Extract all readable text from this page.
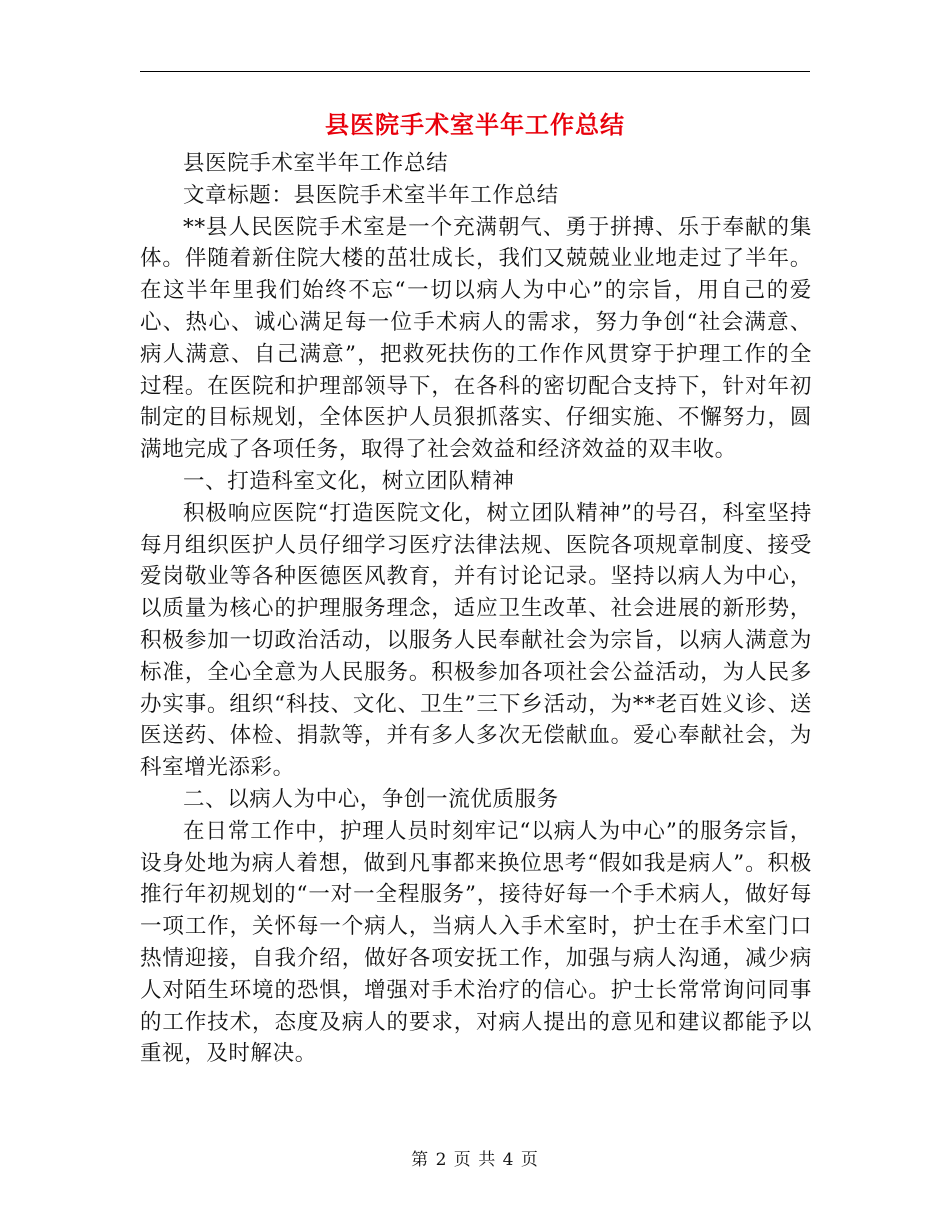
县医院手术室半年工作总结

县医院手术室半年工作总结

文章标题：县医院手术室半年工作总结

**县人民医院手术室是一个充满朝气、勇于拼搏、乐于奉献的集体。伴随着新住院大楼的茁壮成长，我们又兢兢业业地走过了半年。在这半年里我们始终不忘“一切以病人为中心”的宗旨，用自己的爱心、热心、诚心满足每一位手术病人的需求，努力争创“社会满意、病人满意、自己满意”，把救死扶伤的工作作风贯穿于护理工作的全过程。在医院和护理部领导下，在各科的密切配合支持下，针对年初制定的目标规划，全体医护人员狠抓落实、仔细实施、不懈努力，圆满地完成了各项任务，取得了社会效益和经济效益的双丰收。

一、打造科室文化，树立团队精神

积极响应医院“打造医院文化，树立团队精神”的号召，科室坚持每月组织医护人员仔细学习医疗法律法规、医院各项规章制度、接受爱岗敬业等各种医德医风教育，并有讨论记录。坚持以病人为中心，以质量为核心的护理服务理念，适应卫生改革、社会进展的新形势，积极参加一切政治活动，以服务人民奉献社会为宗旨，以病人满意为标准，全心全意为人民服务。积极参加各项社会公益活动，为人民多办实事。组织“科技、文化、卫生”三下乡活动，为**老百姓义诊、送医送药、体检、捐款等，并有多人多次无偿献血。爱心奉献社会，为科室增光添彩。

二、以病人为中心，争创一流优质服务

在日常工作中，护理人员时刻牢记“以病人为中心”的服务宗旨，设身处地为病人着想，做到凡事都来换位思考“假如我是病人”。积极推行年初规划的“一对一全程服务”，接待好每一个手术病人，做好每一项工作，关怀每一个病人，当病人入手术室时，护士在手术室门口热情迎接，自我介绍，做好各项安抚工作，加强与病人沟通，减少病人对陌生环境的恐惧，增强对手术治疗的信心。护士长常常询问同事的工作技术，态度及病人的要求，对病人提出的意见和建议都能予以重视，及时解决。

第 2 页 共 4 页
